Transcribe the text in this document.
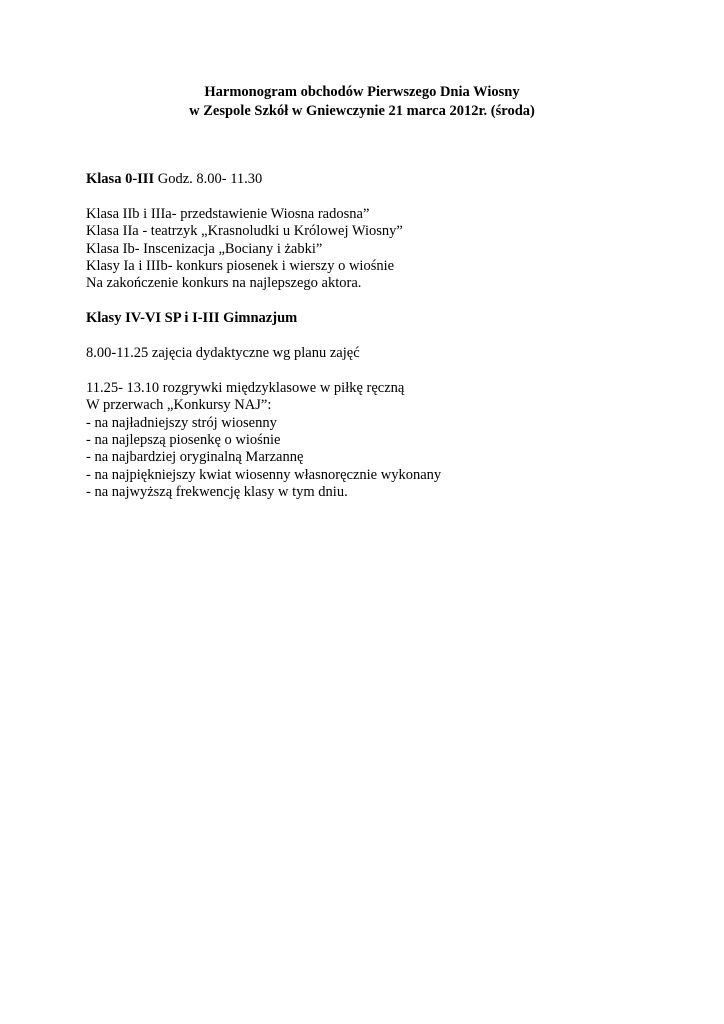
Harmonogram obchodów Pierwszego Dnia Wiosny
w Zespole Szkół w Gniewczynie 21 marca 2012r. (środa)
Klasa 0-III Godz. 8.00- 11.30
Klasa IIb i IIIa- przedstawienie Wiosna radosna”
Klasa IIa - teatrzyk „Krasnoludki u Królowej Wiosny”
Klasa Ib- Inscenizacja „Bociany i żabki”
Klasy Ia i IIIb- konkurs piosenek i wierszy o wiośnie
Na zakończenie konkurs na najlepszego aktora.
Klasy IV-VI SP i I-III Gimnazjum
8.00-11.25 zajęcia dydaktyczne wg planu zajęć
11.25- 13.10 rozgrywki międzyklasowe w piłkę ręczną
W przerwach „Konkursy NAJ”:
- na najładniejszy strój wiosenny
- na najlepszą piosenkę o wiośnie
- na najbardziej oryginalną Marzannę
- na najpiękniejszy kwiat wiosenny własnoręcznie wykonany
- na najwyższą frekwencję klasy w tym dniu.
